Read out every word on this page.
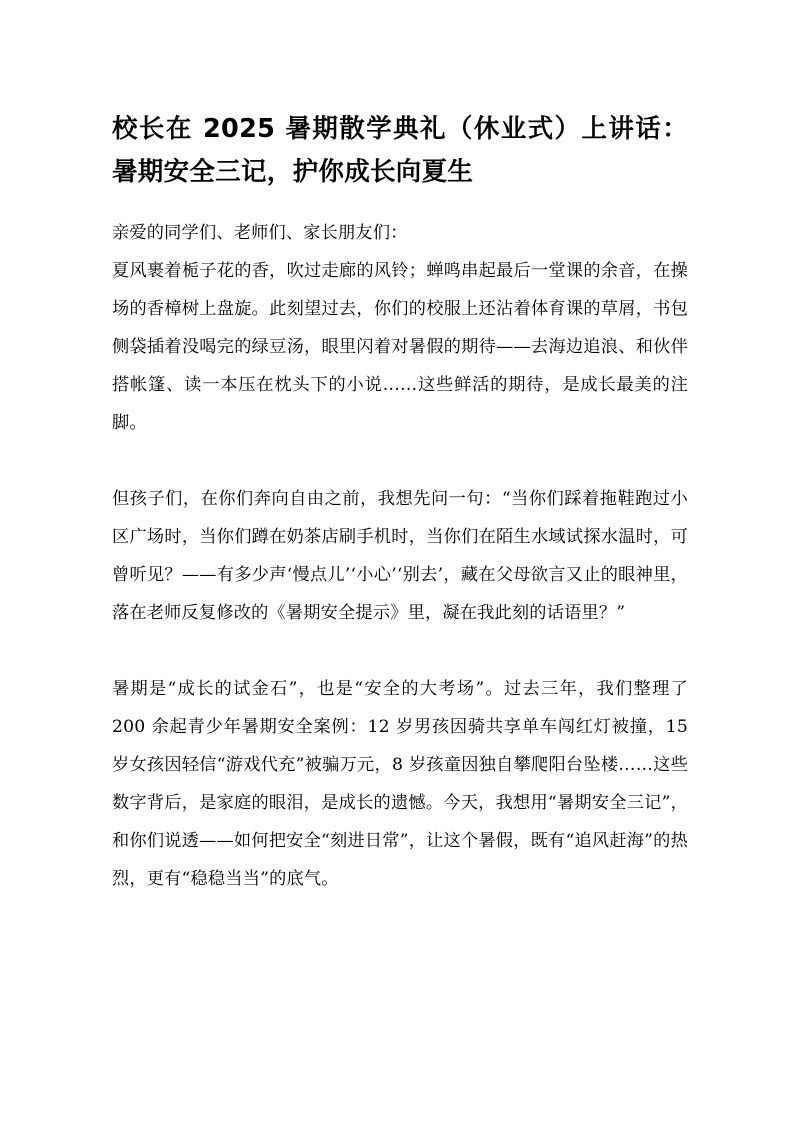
校长在 2025 暑期散学典礼（休业式）上讲话：暑期安全三记，护你成长向夏生

亲爱的同学们、老师们、家长朋友们：

夏风裹着栀子花的香，吹过走廊的风铃；蝉鸣串起最后一堂课的余音，在操场的香樟树上盘旋。此刻望过去，你们的校服上还沾着体育课的草屑，书包侧袋插着没喝完的绿豆汤，眼里闪着对暑假的期待——去海边追浪、和伙伴搭帐篷、读一本压在枕头下的小说……这些鲜活的期待，是成长最美的注脚。

但孩子们，在你们奔向自由之前，我想先问一句：“当你们踩着拖鞋跑过小区广场时，当你们蹲在奶茶店刷手机时，当你们在陌生水域试探水温时，可曾听见？——有多少声‘慢点儿’‘小心’‘别去’，藏在父母欲言又止的眼神里，落在老师反复修改的《暑期安全提示》里，凝在我此刻的话语里？”

暑期是“成长的试金石”，也是“安全的大考场”。过去三年，我们整理了 200 余起青少年暑期安全案例：12 岁男孩因骑共享单车闯红灯被撞，15 岁女孩因轻信“游戏代充”被骗万元，8 岁孩童因独自攀爬阳台坠楼……这些数字背后，是家庭的眼泪，是成长的遗憾。今天，我想用“暑期安全三记”，和你们说透——如何把安全“刻进日常”，让这个暑假，既有“追风赶海”的热烈，更有“稳稳当当”的底气。
